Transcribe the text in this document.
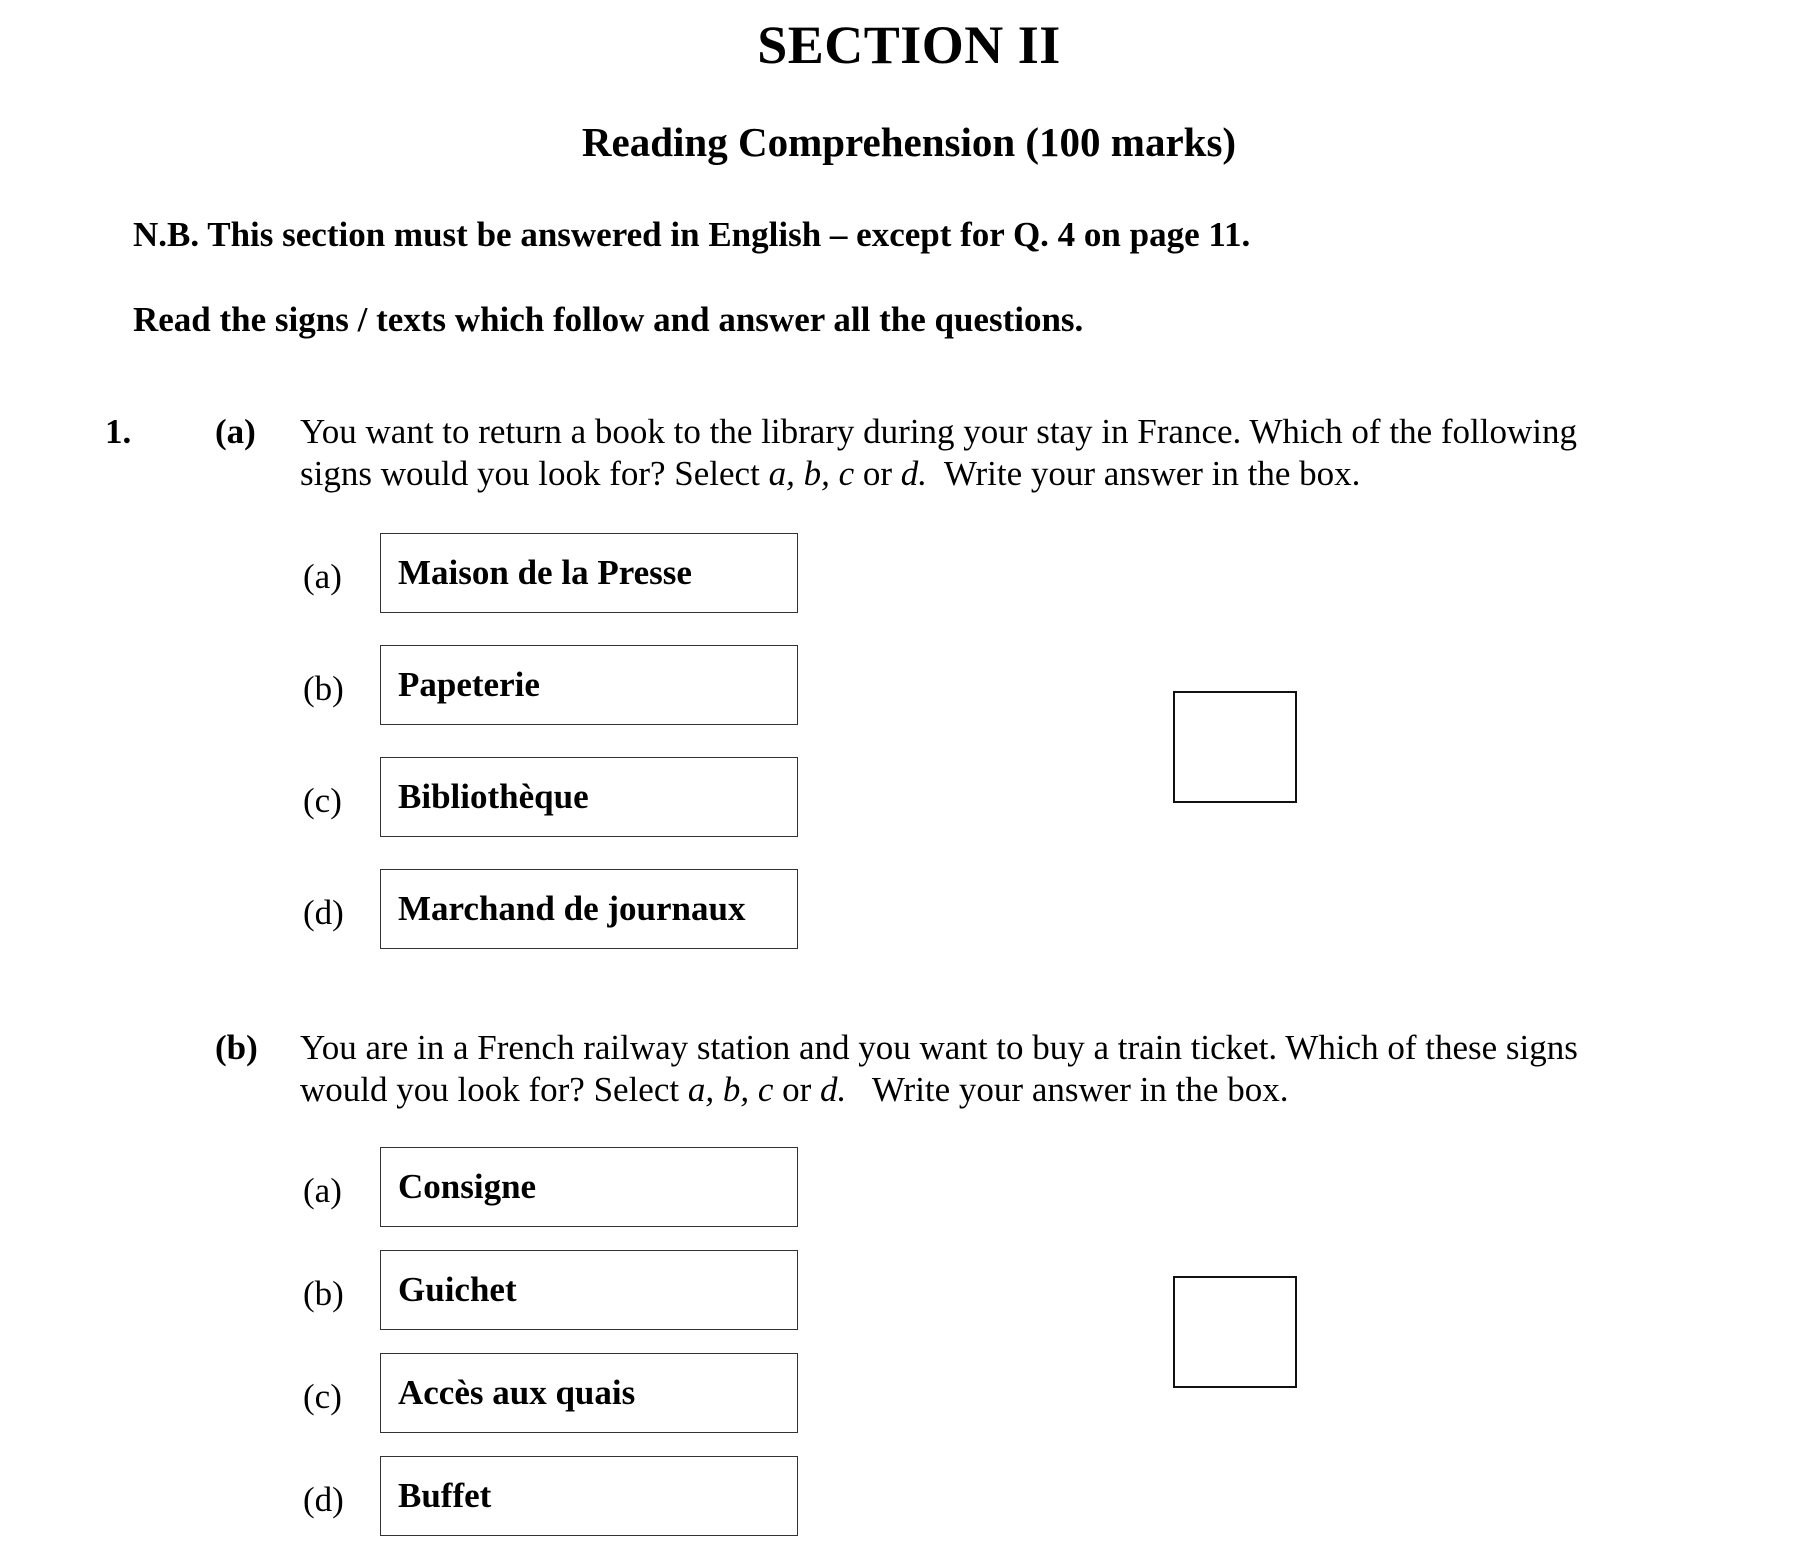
SECTION II
Reading Comprehension (100 marks)
N.B. This section must be answered in English – except for Q. 4 on page 11.
Read the signs / texts which follow and answer all the questions.
1. (a) You want to return a book to the library during your stay in France. Which of the following
signs would you look for? Select a, b, c or d.  Write your answer in the box.
(a)	Maison de la Presse
(b)	Papeterie
(c)	Bibliothèque
(d)	Marchand de journaux
(b) You are in a French railway station and you want to buy a train ticket. Which of these signs
would you look for? Select a, b, c or d.   Write your answer in the box.
(a)	Consigne
(b)	Guichet
(c)	Accès aux quais
(d)	Buffet
